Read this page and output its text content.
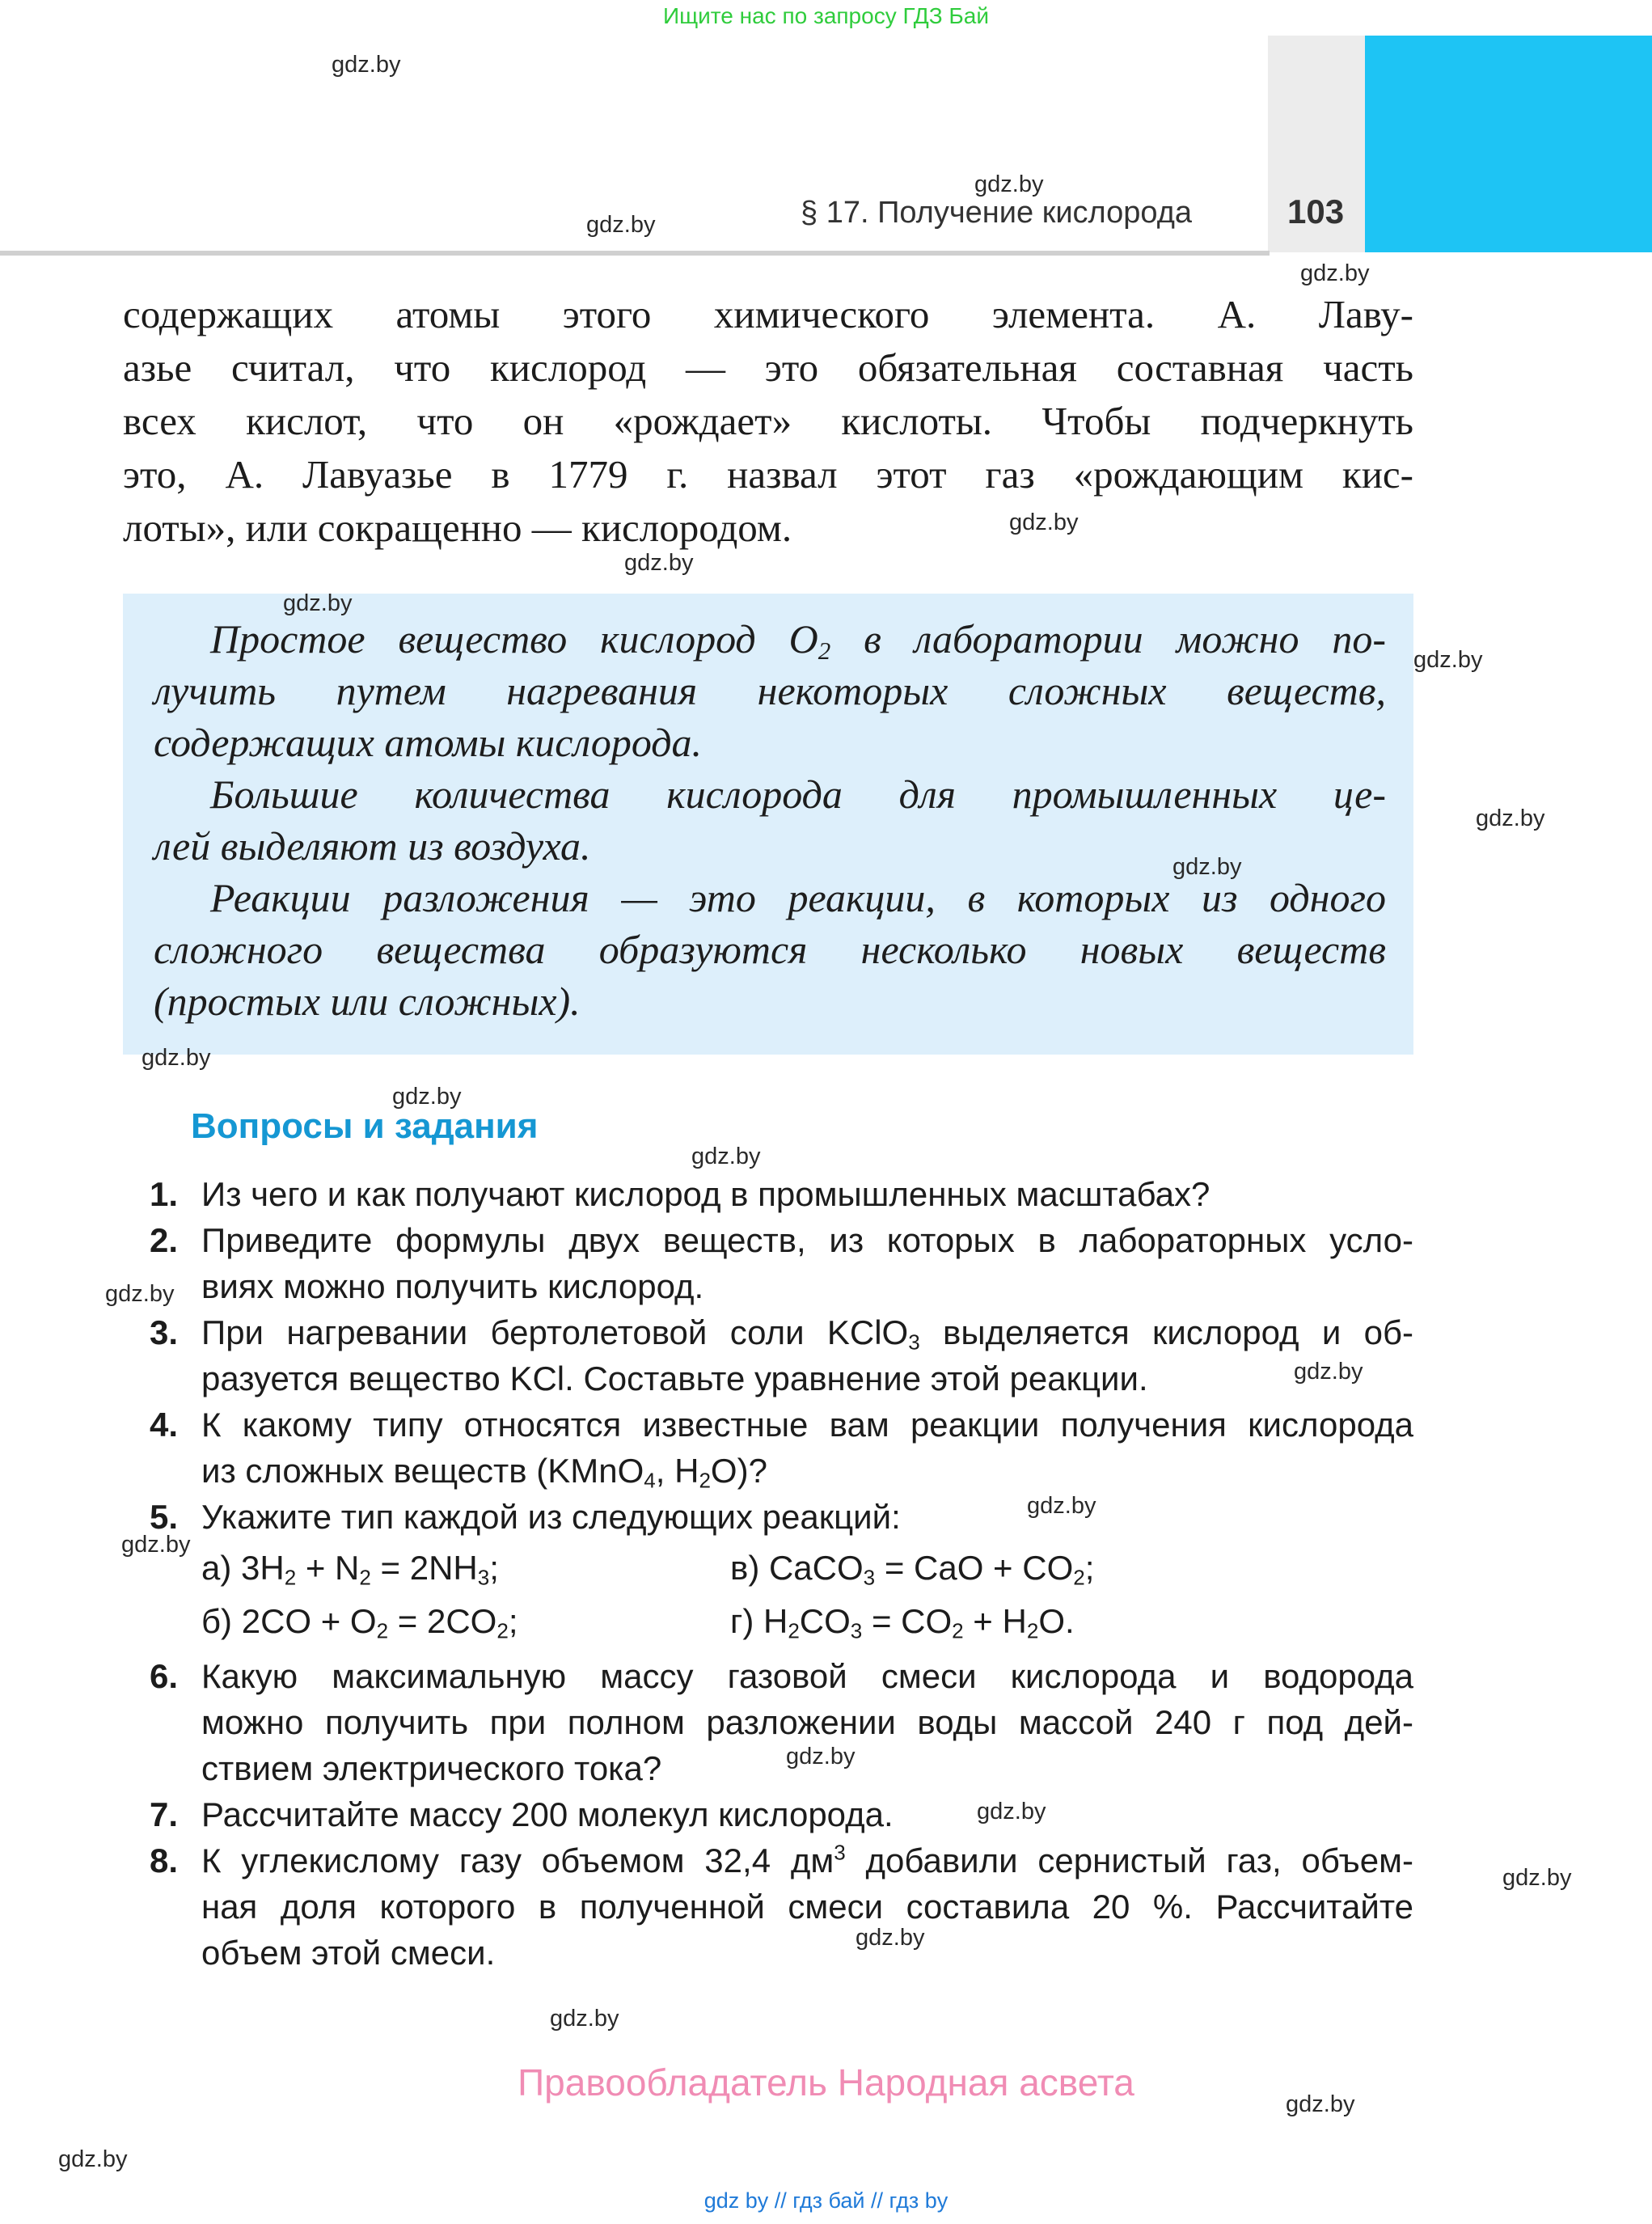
Ищите нас по запросу ГДЗ Бай
§ 17. Получение кислорода	103
содержащих атомы этого химического элемента. А. Лаву-
азье считал, что кислород — это обязательная составная часть
всех кислот, что он «рождает» кислоты. Чтобы подчеркнуть
это, А. Лавуазье в 1779 г. назвал этот газ «рождающим кис-
лоты», или сокращенно — кислородом.
Простое вещество кислород $O_2$ в лаборатории можно по-
лучить путем нагревания некоторых сложных веществ,
содержащих атомы кислорода.
Большие количества кислорода для промышленных це-
лей выделяют из воздуха.
Реакции разложения — это реакции, в которых из одного
сложного вещества образуются несколько новых веществ
(простых или сложных).
Вопросы и задания
1. Из чего и как получают кислород в промышленных масштабах?
2. Приведите формулы двух веществ, из которых в лабораторных усло-
виях можно получить кислород.
3. При нагревании бертолетовой соли KClO$_3$ выделяется кислород и об-
разуется вещество KCl. Составьте уравнение этой реакции.
4. К какому типу относятся известные вам реакции получения кислорода
из сложных веществ (KMnO$_4$, $H_2O$)?
5. Укажите тип каждой из следующих реакций:
а) $3H_2 + N_2 = 2NH_3$;	в) CaCO$_3$ = CaO + $CO_2$;
б) $2CO + O_2 = 2CO_2$;	г) $H_2CO_3 = CO_2 + H_2O$.
6. Какую максимальную массу газовой смеси кислорода и водорода
можно получить при полном разложении воды массой 240 г под дей-
ствием электрического тока?
7. Рассчитайте массу 200 молекул кислорода.
8. К углекислому газу объемом 32,4 $дм^3$ добавили сернистый газ, объем-
ная доля которого в полученной смеси составила 20 %. Рассчитайте
объем этой смеси.
gdz.by
gdz.by
gdz.by
gdz.by
gdz.by
gdz.by
gdz.by
gdz.by
gdz.by
gdz.by
gdz.by
gdz.by
gdz.by
gdz.by
gdz.by
gdz.by
gdz.by
gdz.by
gdz.by
gdz.by
gdz.by
gdz.by
gdz.by
gdz.by
Правообладатель Народная асвета
gdz by // гдз бай // гдз by
